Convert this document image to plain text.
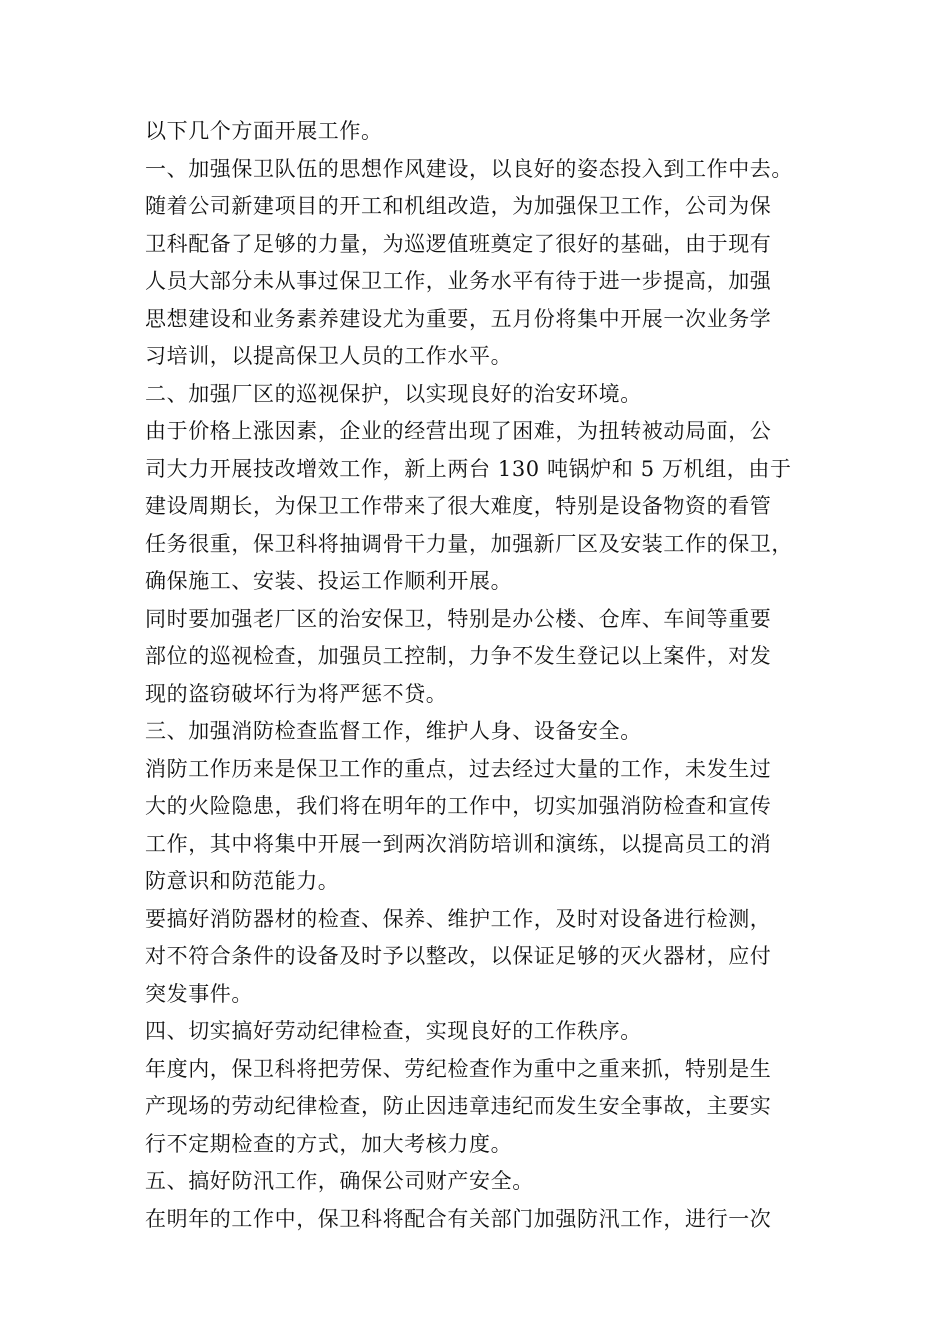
以下几个方面开展工作。
一、加强保卫队伍的思想作风建设，以良好的姿态投入到工作中去。
随着公司新建项目的开工和机组改造，为加强保卫工作，公司为保
卫科配备了足够的力量，为巡逻值班奠定了很好的基础，由于现有
人员大部分未从事过保卫工作，业务水平有待于进一步提高，加强
思想建设和业务素养建设尤为重要，五月份将集中开展一次业务学
习培训，以提高保卫人员的工作水平。
二、加强厂区的巡视保护，以实现良好的治安环境。
由于价格上涨因素，企业的经营出现了困难，为扭转被动局面，公
司大力开展技改增效工作，新上两台 130 吨锅炉和 5 万机组，由于
建设周期长，为保卫工作带来了很大难度，特别是设备物资的看管
任务很重，保卫科将抽调骨干力量，加强新厂区及安装工作的保卫，
确保施工、安装、投运工作顺利开展。
同时要加强老厂区的治安保卫，特别是办公楼、仓库、车间等重要
部位的巡视检查，加强员工控制，力争不发生登记以上案件，对发
现的盗窃破坏行为将严惩不贷。
三、加强消防检查监督工作，维护人身、设备安全。
消防工作历来是保卫工作的重点，过去经过大量的工作，未发生过
大的火险隐患，我们将在明年的工作中，切实加强消防检查和宣传
工作，其中将集中开展一到两次消防培训和演练，以提高员工的消
防意识和防范能力。
要搞好消防器材的检查、保养、维护工作，及时对设备进行检测，
对不符合条件的设备及时予以整改，以保证足够的灭火器材，应付
突发事件。
四、切实搞好劳动纪律检查，实现良好的工作秩序。
年度内，保卫科将把劳保、劳纪检查作为重中之重来抓，特别是生
产现场的劳动纪律检查，防止因违章违纪而发生安全事故，主要实
行不定期检查的方式，加大考核力度。
五、搞好防汛工作，确保公司财产安全。
在明年的工作中，保卫科将配合有关部门加强防汛工作，进行一次
